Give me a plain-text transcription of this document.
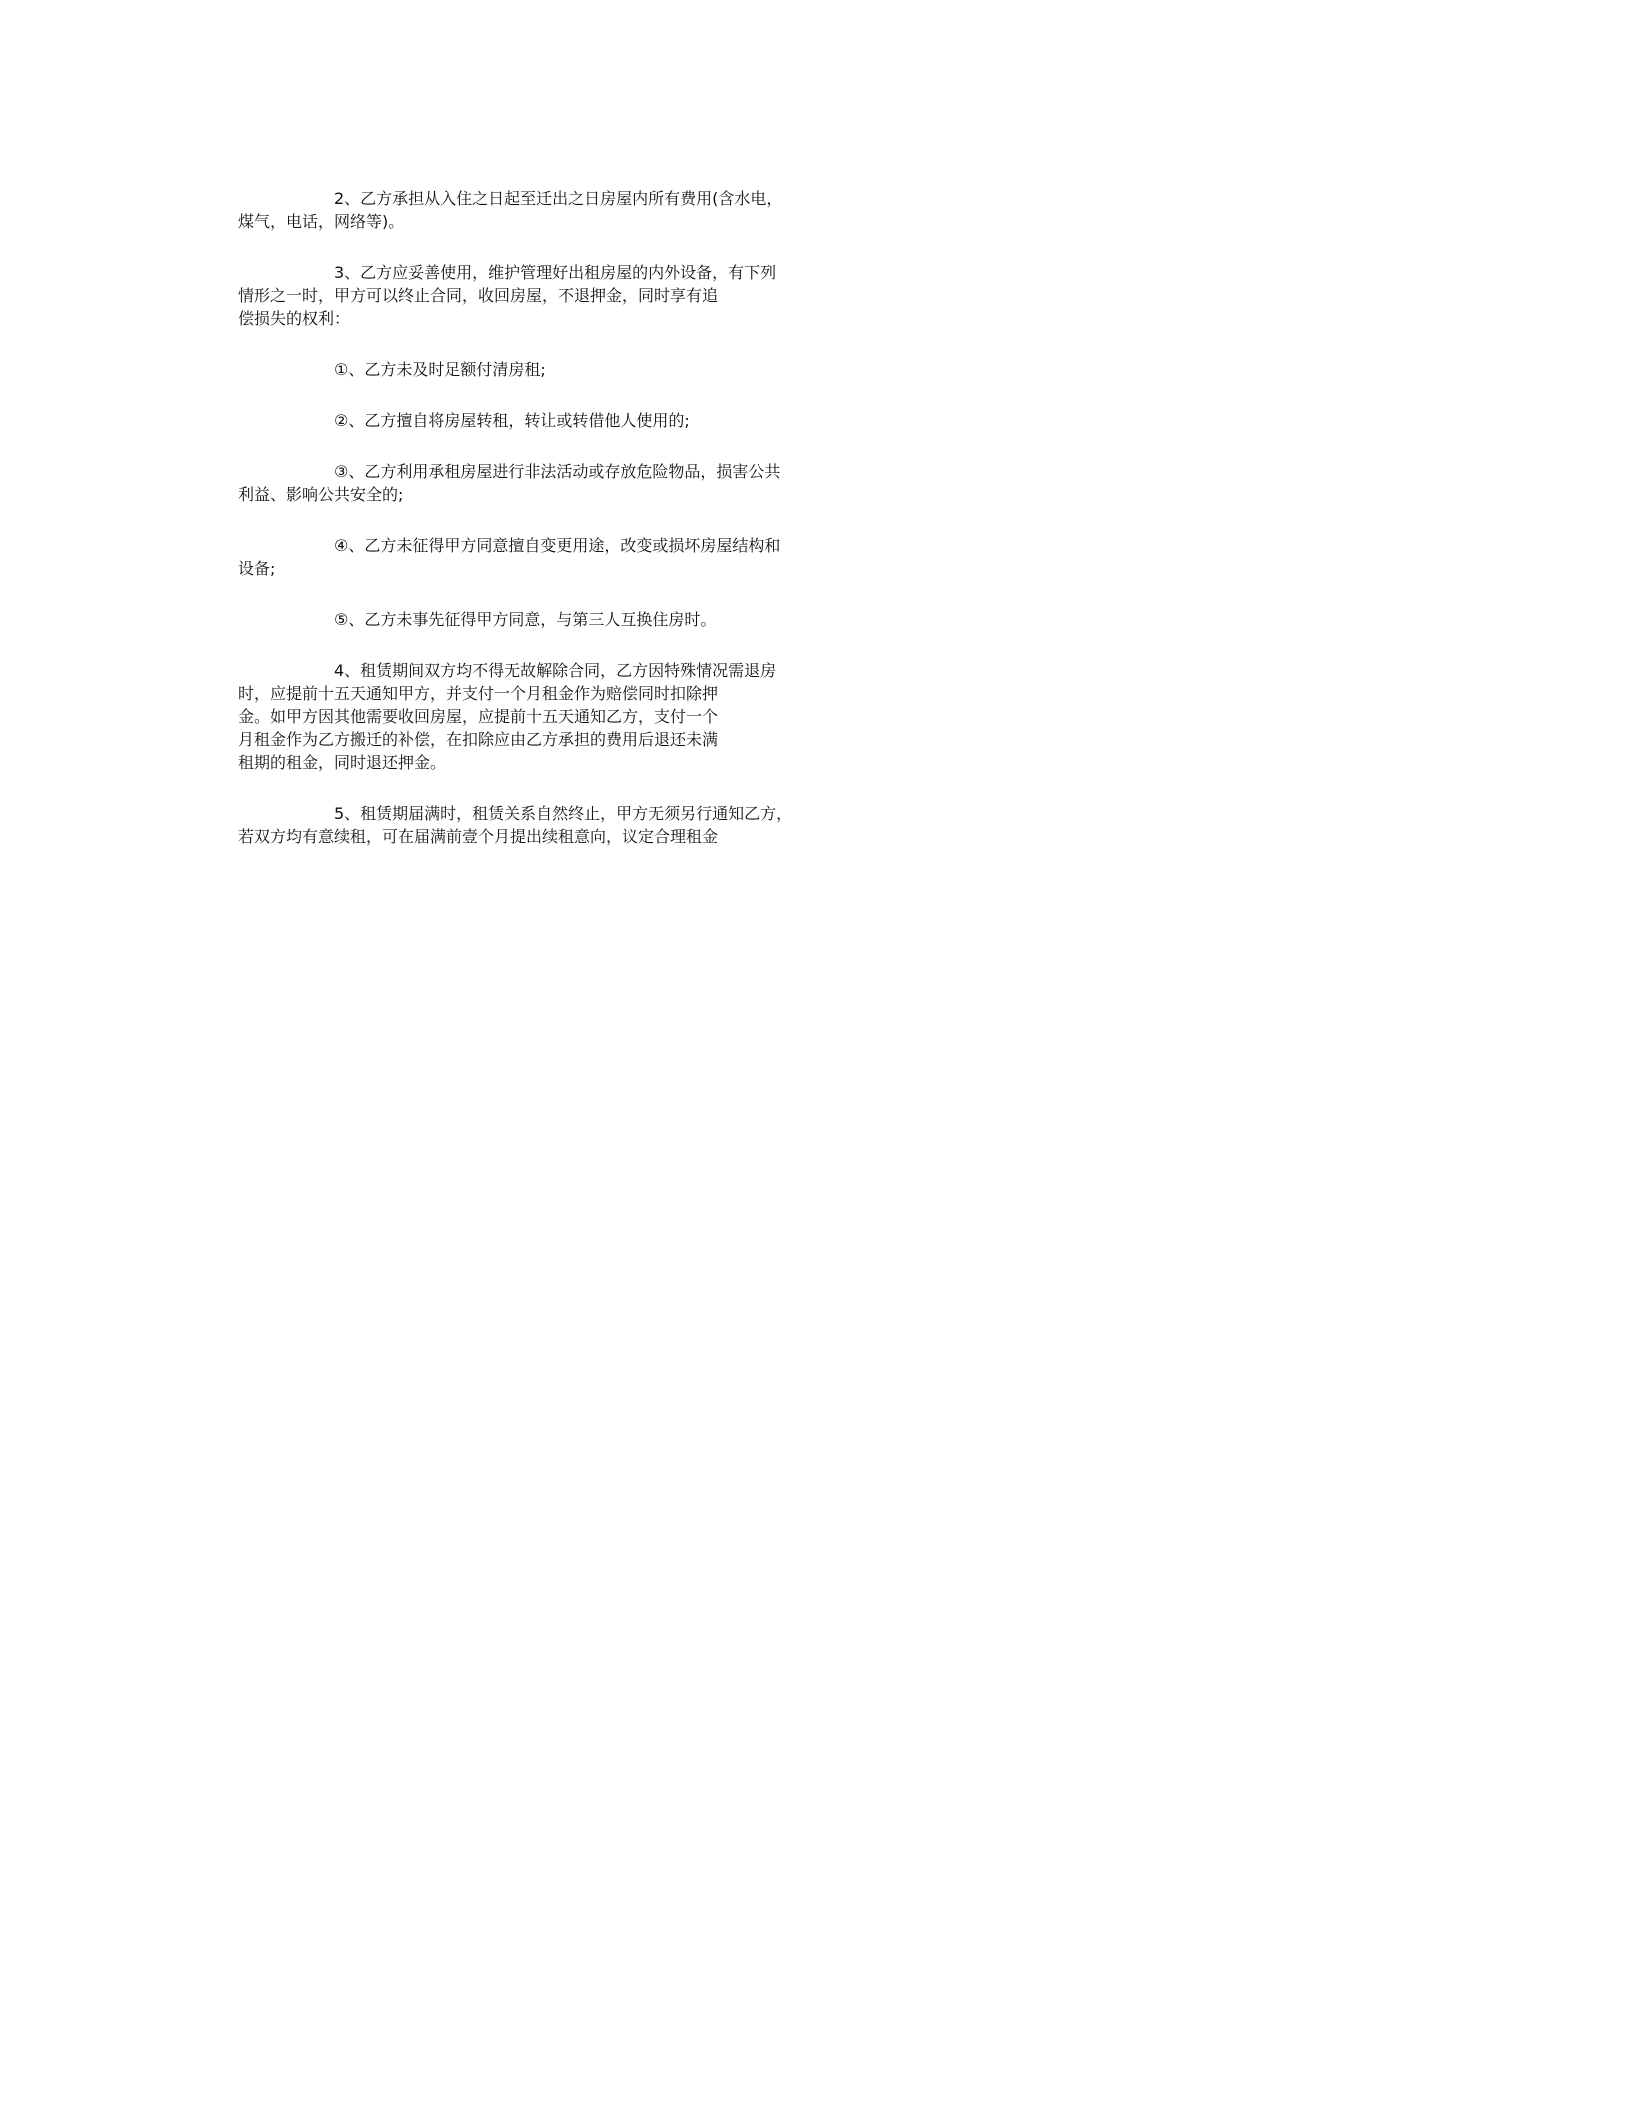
2、乙方承担从入住之日起至迁出之日房屋内所有费用(含水电，
煤气，电话，网络等)。
3、乙方应妥善使用，维护管理好出租房屋的内外设备，有下列
情形之一时，甲方可以终止合同，收回房屋，不退押金，同时享有追
偿损失的权利：
①、乙方未及时足额付清房租;
②、乙方擅自将房屋转租，转让或转借他人使用的;
③、乙方利用承租房屋进行非法活动或存放危险物品，损害公共
利益、影响公共安全的;
④、乙方未征得甲方同意擅自变更用途，改变或损坏房屋结构和
设备;
⑤、乙方未事先征得甲方同意，与第三人互换住房时。
4、租赁期间双方均不得无故解除合同，乙方因特殊情况需退房
时，应提前十五天通知甲方，并支付一个月租金作为赔偿同时扣除押
金。如甲方因其他需要收回房屋，应提前十五天通知乙方，支付一个
月租金作为乙方搬迁的补偿，在扣除应由乙方承担的费用后退还未满
租期的租金，同时退还押金。
5、租赁期届满时，租赁关系自然终止，甲方无须另行通知乙方，
若双方均有意续租，可在届满前壹个月提出续租意向，议定合理租金
